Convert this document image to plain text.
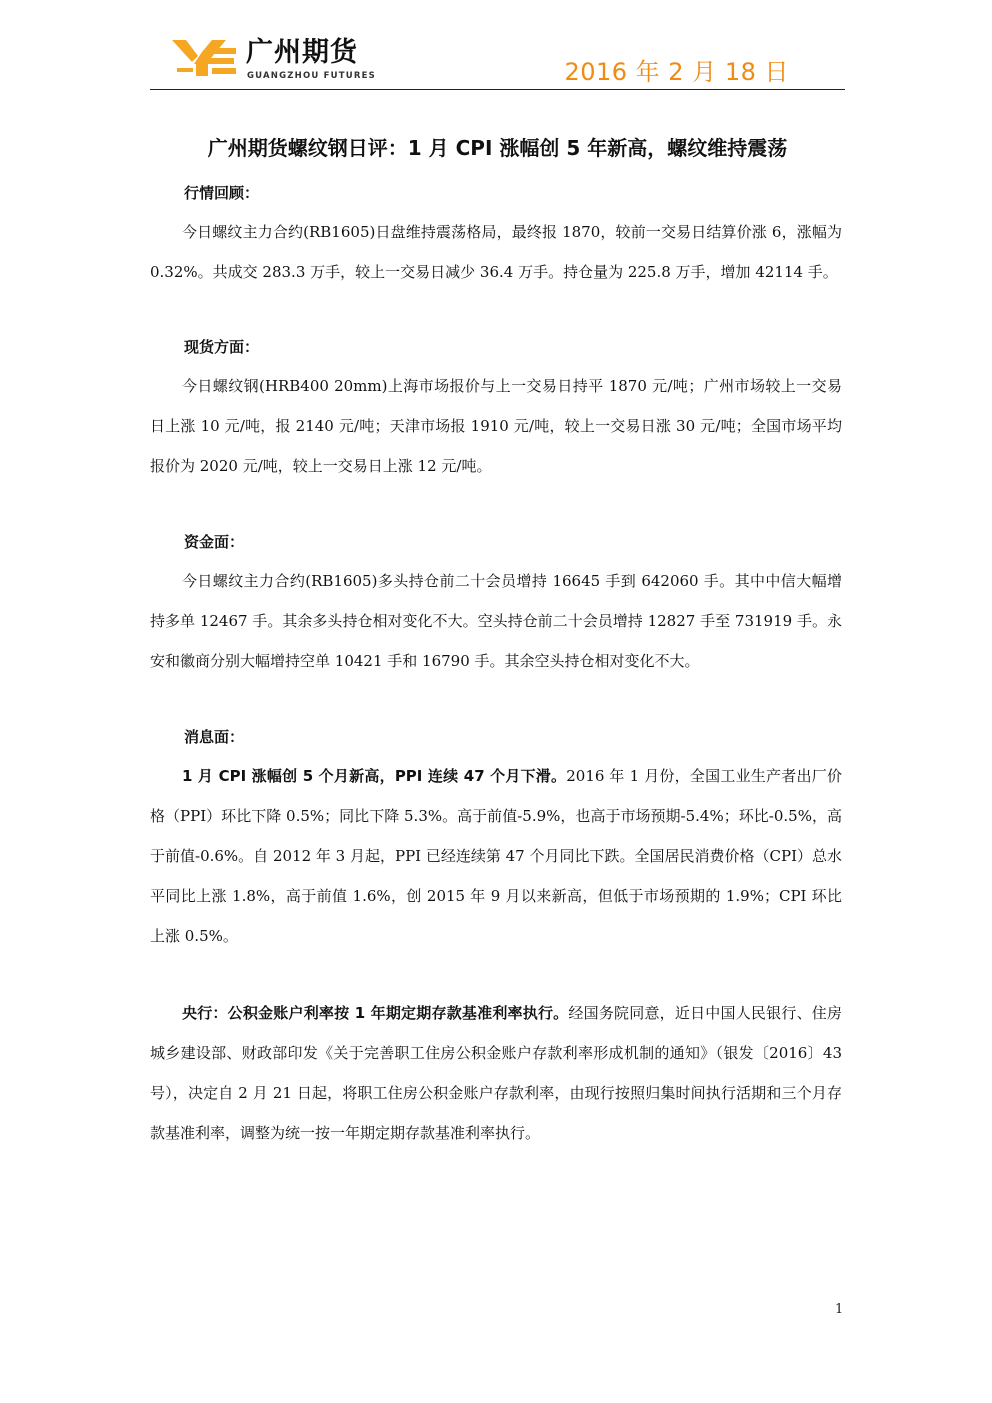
广州期货
GUANGZHOU FUTURES	2016 年 2 月 18 日
广州期货螺纹钢日评：1 月 CPI 涨幅创 5 年新高，螺纹维持震荡

行情回顾：

今日螺纹主力合约(RB1605)日盘维持震荡格局，最终报 1870，较前一交易日结算价涨 6，涨幅为 0.32%。共成交 283.3 万手，较上一交易日减少 36.4 万手。持仓量为 225.8 万手，增加 42114 手。

现货方面：

今日螺纹钢(HRB400 20mm)上海市场报价与上一交易日持平 1870 元/吨；广州市场较上一交易日上涨 10 元/吨，报 2140 元/吨；天津市场报 1910 元/吨，较上一交易日涨 30 元/吨；全国市场平均报价为 2020 元/吨，较上一交易日上涨 12 元/吨。

资金面：

今日螺纹主力合约(RB1605)多头持仓前二十会员增持 16645 手到 642060 手。其中中信大幅增持多单 12467 手。其余多头持仓相对变化不大。空头持仓前二十会员增持 12827 手至 731919 手。永安和徽商分别大幅增持空单 10421 手和 16790 手。其余空头持仓相对变化不大。

消息面：

1 月 CPI 涨幅创 5 个月新高，PPI 连续 47 个月下滑。2016 年 1 月份，全国工业生产者出厂价格（PPI）环比下降 0.5%；同比下降 5.3%。高于前值-5.9%，也高于市场预期-5.4%；环比-0.5%，高于前值-0.6%。自 2012 年 3 月起，PPI 已经连续第 47 个月同比下跌。全国居民消费价格（CPI）总水平同比上涨 1.8%，高于前值 1.6%，创 2015 年 9 月以来新高，但低于市场预期的 1.9%；CPI 环比上涨 0.5%。

央行：公积金账户利率按 1 年期定期存款基准利率执行。经国务院同意，近日中国人民银行、住房城乡建设部、财政部印发《关于完善职工住房公积金账户存款利率形成机制的通知》（银发〔2016〕43 号），决定自 2 月 21 日起，将职工住房公积金账户存款利率，由现行按照归集时间执行活期和三个月存款基准利率，调整为统一按一年期定期存款基准利率执行。

1
